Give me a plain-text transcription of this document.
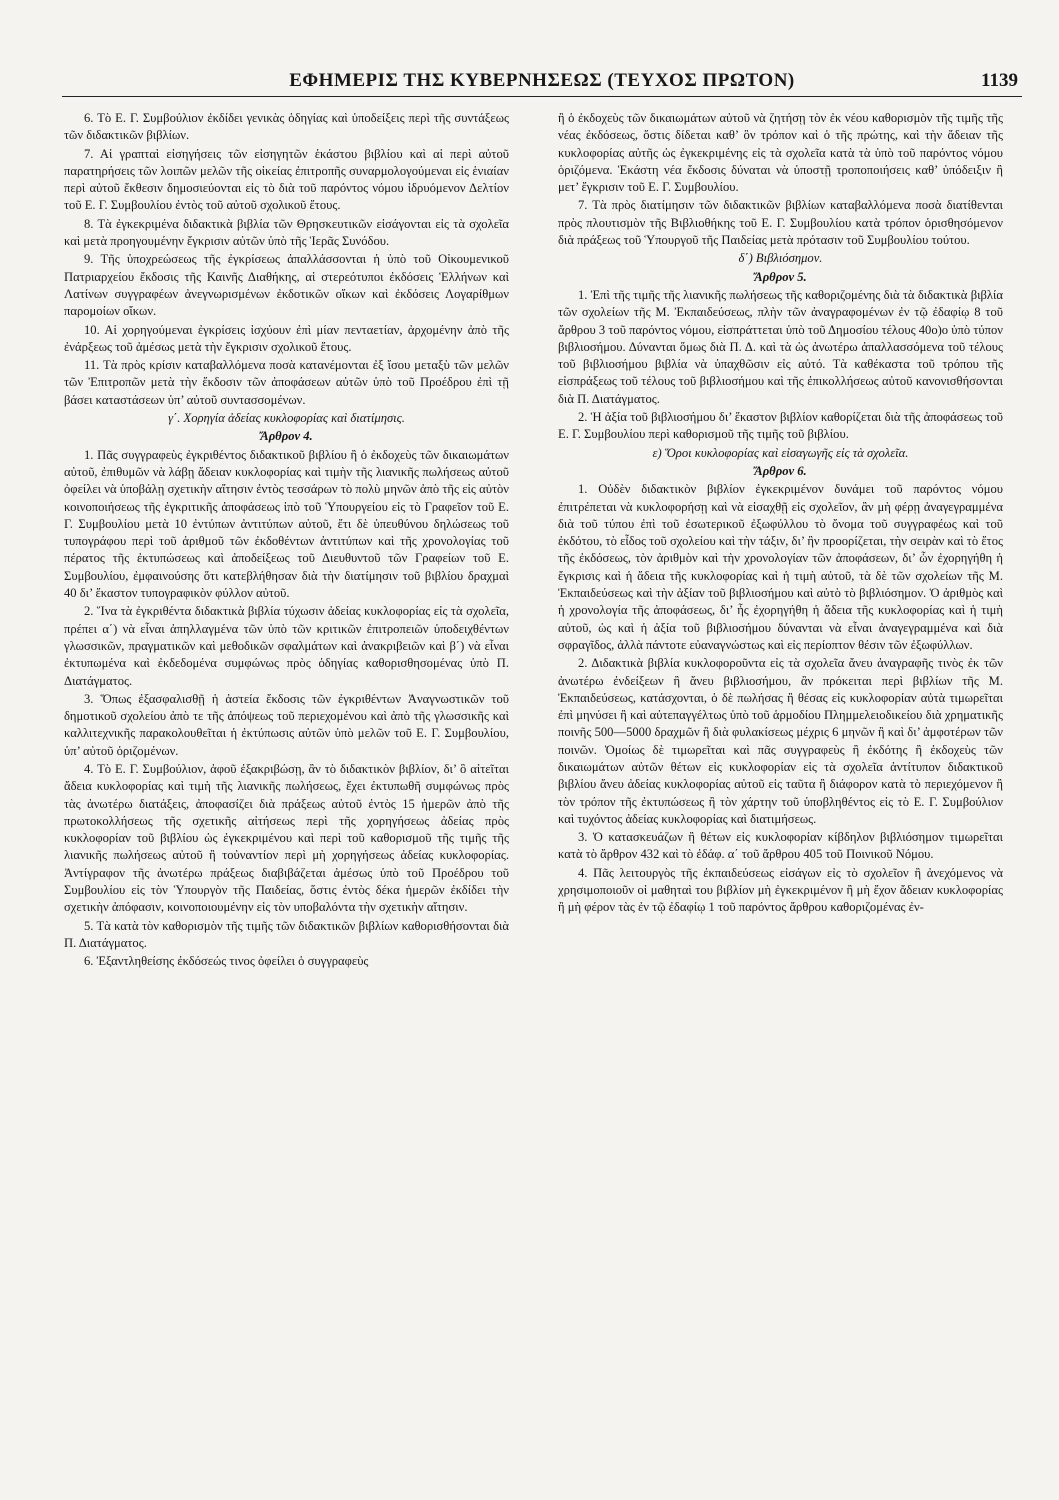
ΕΦΗΜΕΡΙΣ ΤΗΣ ΚΥΒΕΡΝΗΣΕΩΣ (ΤΕΥΧΟΣ ΠΡΩΤΟΝ)	1139

6. Τὸ Ε. Γ. Συμβούλιον ἐκδίδει γενικὰς ὁδηγίας καὶ ὑποδείξεις περὶ τῆς συντάξεως τῶν διδακτικῶν βιβλίων.

7. Αἱ γραπταὶ εἰσηγήσεις τῶν εἰσηγητῶν ἑκάστου βιβλίου καὶ αἱ περὶ αὐτοῦ παρατηρήσεις τῶν λοιπῶν μελῶν τῆς οἰκείας ἐπιτροπῆς συναρμολογούμεναι εἰς ἑνιαίαν περὶ αὐτοῦ ἔκθεσιν δημοσιεύονται εἰς τὸ διὰ τοῦ παρόντος νόμου ἱδρυόμενον Δελτίον τοῦ Ε. Γ. Συμβουλίου ἐντὸς τοῦ αὐτοῦ σχολικοῦ ἔτους.

8. Τὰ ἐγκεκριμένα διδακτικὰ βιβλία τῶν Θρησκευτικῶν εἰσάγονται εἰς τὰ σχολεῖα καὶ μετὰ προηγουμένην ἔγκρισιν αὐτῶν ὑπὸ τῆς Ἱερᾶς Συνόδου.

9. Τῆς ὑποχρεώσεως τῆς ἐγκρίσεως ἀπαλλάσσονται ἡ ὑπὸ τοῦ Οἰκουμενικοῦ Πατριαρχείου ἔκδοσις τῆς Καινῆς Διαθήκης, αἱ στερεότυποι ἐκδόσεις Ἑλλήνων καὶ Λατίνων συγγραφέων ἀνεγνωρισμένων ἐκδοτικῶν οἴκων καὶ ἐκδόσεις Λογαρίθμων παρομοίων οἴκων.

10. Αἱ χορηγούμεναι ἐγκρίσεις ἰσχύουν ἐπὶ μίαν πενταετίαν, ἀρχομένην ἀπὸ τῆς ἐνάρξεως τοῦ ἀμέσως μετὰ τὴν ἔγκρισιν σχολικοῦ ἔτους.

11. Τὰ πρὸς κρίσιν καταβαλλόμενα ποσὰ κατανέμονται ἐξ ἴσου μεταξὺ τῶν μελῶν τῶν Ἐπιτροπῶν μετὰ τὴν ἔκδοσιν τῶν ἀποφάσεων αὐτῶν ὑπὸ τοῦ Προέδρου ἐπὶ τῇ βάσει καταστάσεων ὑπ’ αὐτοῦ συντασσομένων.

γ΄. Χορηγία ἀδείας κυκλοφορίας καὶ διατίμησις.

Ἄρθρον 4.

1. Πᾶς συγγραφεὺς ἐγκριθέντος διδακτικοῦ βιβλίου ἢ ὁ ἐκδοχεὺς τῶν δικαιωμάτων αὐτοῦ, ἐπιθυμῶν νὰ λάβῃ ἄδειαν κυκλοφορίας καὶ τιμὴν τῆς λιανικῆς πωλήσεως αὐτοῦ ὀφείλει νὰ ὑποβάλῃ σχετικὴν αἴτησιν ἐντὸς τεσσάρων τὸ πολὺ μηνῶν ἀπὸ τῆς εἰς αὐτὸν κοινοποιήσεως τῆς ἐγκριτικῆς ἀποφάσεως ἰπὸ τοῦ Ὑπουργείου εἰς τὸ Γραφεῖον τοῦ Ε. Γ. Συμβουλίου μετὰ 10 ἐντύπων ἀντιτύπων αὐτοῦ, ἔτι δὲ ὑπευθύνου δηλώσεως τοῦ τυπογράφου περὶ τοῦ ἀριθμοῦ τῶν ἐκδοθέντων ἀντιτύπων καὶ τῆς χρονολογίας τοῦ πέρατος τῆς ἐκτυπώσεως καὶ ἀποδείξεως τοῦ Διευθυντοῦ τῶν Γραφείων τοῦ Ε. Συμβουλίου, ἐμφαινούσης ὅτι κατεβλήθησαν διὰ τὴν διατίμησιν τοῦ βιβλίου δραχμαὶ 40 δι’ ἕκαστον τυπογραφικὸν φύλλον αὐτοῦ.

2. Ἵνα τὰ ἐγκριθέντα διδακτικὰ βιβλία τύχωσιν ἀδείας κυκλοφορίας εἰς τὰ σχολεῖα, πρέπει α΄) νὰ εἶναι ἀπηλλαγμένα τῶν ὑπὸ τῶν κριτικῶν ἐπιτροπειῶν ὑποδειχθέντων γλωσσικῶν, πραγματικῶν καὶ μεθοδικῶν σφαλμάτων καὶ ἀνακριβειῶν καὶ β΄) νὰ εἶναι ἐκτυπωμένα καὶ ἐκδεδομένα συμφώνως πρὸς ὁδηγίας καθορισθησομένας ὑπὸ Π. Διατάγματος.

3. Ὅπως ἐξασφαλισθῇ ἡ ἀστεία ἔκδοσις τῶν ἐγκριθέντων Ἀναγνωστικῶν τοῦ δημοτικοῦ σχολείου ἀπὸ τε τῆς ἀπόψεως τοῦ περιεχομένου καὶ ἀπὸ τῆς γλωσσικῆς καὶ καλλιτεχνικῆς παρακολουθεῖται ἡ ἐκτύπωσις αὐτῶν ὑπὸ μελῶν τοῦ Ε. Γ. Συμβουλίου, ὑπ’ αὐτοῦ ὁριζομένων.

4. Τὸ Ε. Γ. Συμβούλιον, ἀφοῦ ἐξακριβώσῃ, ἂν τὸ διδακτικὸν βιβλίον, δι’ ὃ αἰτεῖται ἄδεια κυκλοφορίας καὶ τιμὴ τῆς λιανικῆς πωλήσεως, ἔχει ἐκτυπωθῆ συμφώνως πρὸς τὰς ἀνωτέρω διατάξεις, ἀποφασίζει διὰ πράξεως αὐτοῦ ἐντὸς 15 ἡμερῶν ἀπὸ τῆς πρωτοκολλήσεως τῆς σχετικῆς αἰτήσεως περὶ τῆς χορηγήσεως ἀδείας πρὸς κυκλοφορίαν τοῦ βιβλίου ὡς ἐγκεκριμένου καὶ περὶ τοῦ καθορισμοῦ τῆς τιμῆς τῆς λιανικῆς πωλήσεως αὐτοῦ ἢ τοὐναντίον περὶ μὴ χορηγήσεως ἀδείας κυκλοφορίας. Ἀντίγραφον τῆς ἀνωτέρω πράξεως διαβιβάζεται ἀμέσως ὑπὸ τοῦ Προέδρου τοῦ Συμβουλίου εἰς τὸν Ὑπουργὸν τῆς Παιδείας, ὅστις ἐντὸς δέκα ἡμερῶν ἐκδίδει τὴν σχετικὴν ἀπόφασιν, κοινοποιουμένην εἰς τὸν υποβαλόντα τὴν σχετικὴν αἴτησιν.

5. Τὰ κατὰ τὸν καθορισμὸν τῆς τιμῆς τῶν διδακτικῶν βιβλίων καθορισθήσονται διὰ Π. Διατάγματος.

6. Ἐξαντληθείσης ἐκδόσεώς τινος ὀφείλει ὁ συγγραφεὺς

ἢ ὁ ἐκδοχεὺς τῶν δικαιωμάτων αὐτοῦ νὰ ζητήσῃ τὸν ἐκ νέου καθορισμὸν τῆς τιμῆς τῆς νέας ἐκδόσεως, ὅστις δίδεται καθ’ ὃν τρόπον καὶ ὁ τῆς πρώτης, καὶ τὴν ἄδειαν τῆς κυκλοφορίας αὐτῆς ὡς ἐγκεκριμένης εἰς τὰ σχολεῖα κατὰ τὰ ὑπὸ τοῦ παρόντος νόμου ὁριζόμενα. Ἑκάστη νέα ἔκδοσις δύναται νὰ ὑποστῇ τροποποιήσεις καθ’ ὑπόδειξιν ἢ μετ’ ἔγκρισιν τοῦ Ε. Γ. Συμβουλίου.

7. Τὰ πρὸς διατίμησιν τῶν διδακτικῶν βιβλίων καταβαλλόμενα ποσὰ διατίθενται πρὸς πλουτισμὸν τῆς Βιβλιοθήκης τοῦ Ε. Γ. Συμβουλίου κατὰ τρόπον ὁρισθησόμενον διὰ πράξεως τοῦ Ὑπουργοῦ τῆς Παιδείας μετὰ πρότασιν τοῦ Συμβουλίου τούτου.

δ΄) Βιβλιόσημον.

Ἄρθρον 5.

1. Ἐπὶ τῆς τιμῆς τῆς λιανικῆς πωλήσεως τῆς καθοριζομένης διὰ τὰ διδακτικὰ βιβλία τῶν σχολείων τῆς Μ. Ἐκπαιδεύσεως, πλὴν τῶν ἀναγραφομένων ἐν τῷ ἐδαφίῳ 8 τοῦ ἄρθρου 3 τοῦ παρόντος νόμου, εἰσπράττεται ὑπὸ τοῦ Δημοσίου τέλους 40ο)ο ὑπὸ τύπον βιβλιοσήμου. Δύνανται ὅμως διὰ Π. Δ. καὶ τὰ ὡς ἀνωτέρω ἀπαλλασσόμενα τοῦ τέλους τοῦ βιβλιοσήμου βιβλία νὰ ὑπαχθῶσιν εἰς αὐτό. Τὰ καθέκαστα τοῦ τρόπου τῆς εἰσπράξεως τοῦ τέλους τοῦ βιβλιοσήμου καὶ τῆς ἐπικολλήσεως αὐτοῦ κανονισθήσονται διὰ Π. Διατάγματος.

2. Ἡ ἀξία τοῦ βιβλιοσήμου δι’ ἕκαστον βιβλίον καθορίζεται διὰ τῆς ἀποφάσεως τοῦ Ε. Γ. Συμβουλίου περὶ καθορισμοῦ τῆς τιμῆς τοῦ βιβλίου.

ε) Ὅροι κυκλοφορίας καὶ εἰσαγωγῆς εἰς τὰ σχολεῖα.

Ἄρθρον 6.

1. Οὐδὲν διδακτικὸν βιβλίον ἐγκεκριμένον δυνάμει τοῦ παρόντος νόμου ἐπιτρέπεται νὰ κυκλοφορήσῃ καὶ νὰ εἰσαχθῇ εἰς σχολεῖον, ἂν μὴ φέρῃ ἀναγεγραμμένα διὰ τοῦ τύπου ἐπὶ τοῦ ἐσωτερικοῦ ἐξωφύλλου τὸ ὄνομα τοῦ συγγραφέως καὶ τοῦ ἐκδότου, τὸ εἶδος τοῦ σχολείου καὶ τὴν τάξιν, δι’ ἣν προορίζεται, τὴν σειρὰν καὶ τὸ ἔτος τῆς ἐκδόσεως, τὸν ἀριθμὸν καὶ τὴν χρονολογίαν τῶν ἀποφάσεων, δι’ ὧν ἐχορηγήθη ἡ ἔγκρισις καὶ ἡ ἄδεια τῆς κυκλοφορίας καὶ ἡ τιμὴ αὐτοῦ, τὰ δὲ τῶν σχολείων τῆς Μ. Ἐκπαιδεύσεως καὶ τὴν ἀξίαν τοῦ βιβλιοσήμου καὶ αὐτὸ τὸ βιβλιόσημον. Ὁ ἀριθμὸς καὶ ἡ χρονολογία τῆς ἀποφάσεως, δι’ ἧς ἐχορηγήθη ἡ ἄδεια τῆς κυκλοφορίας καὶ ἡ τιμὴ αὐτοῦ, ὡς καὶ ἡ ἀξία τοῦ βιβλιοσήμου δύνανται νὰ εἶναι ἀναγεγραμμένα καὶ διὰ σφραγῖδος, ἀλλὰ πάντοτε εὐαναγνώστως καὶ εἰς περίοπτον θέσιν τῶν ἐξωφύλλων.

2. Διδακτικὰ βιβλία κυκλοφοροῦντα εἰς τὰ σχολεῖα ἄνευ ἀναγραφῆς τινὸς ἐκ τῶν ἀνωτέρω ἐνδείξεων ἢ ἄνευ βιβλιοσήμου, ἂν πρόκειται περὶ βιβλίων τῆς Μ. Ἐκπαιδεύσεως, κατάσχονται, ὁ δὲ πωλήσας ἢ θέσας εἰς κυκλοφορίαν αὐτὰ τιμωρεῖται ἐπὶ μηνύσει ἢ καὶ αὐτεπαγγέλτως ὑπὸ τοῦ ἁρμοδίου Πλημμελειοδικείου διὰ χρηματικῆς ποινῆς 500—5000 δραχμῶν ἢ διὰ φυλακίσεως μέχρις 6 μηνῶν ἢ καὶ δι’ ἀμφοτέρων τῶν ποινῶν. Ὁμοίως δὲ τιμωρεῖται καὶ πᾶς συγγραφεὺς ἢ ἐκδότης ἢ ἐκδοχεὺς τῶν δικαιωμάτων αὐτῶν θέτων εἰς κυκλοφορίαν εἰς τὰ σχολεῖα ἀντίτυπον διδακτικοῦ βιβλίου ἄνευ ἀδείας κυκλοφορίας αὐτοῦ εἰς ταῦτα ἢ διάφορον κατὰ τὸ περιεχόμενον ἢ τὸν τρόπον τῆς ἐκτυπώσεως ἢ τὸν χάρτην τοῦ ὑποβληθέντος εἰς τὸ Ε. Γ. Συμβούλιον καὶ τυχόντος ἀδείας κυκλοφορίας καὶ διατιμήσεως.

3. Ὁ κατασκευάζων ἢ θέτων εἰς κυκλοφορίαν κίβδηλον βιβλιόσημον τιμωρεῖται κατὰ τὸ ἄρθρον 432 καὶ τὸ ἐδάφ. α΄ τοῦ ἄρθρου 405 τοῦ Ποινικοῦ Νόμου.

4. Πᾶς λειτουργὸς τῆς ἐκπαιδεύσεως εἰσάγων εἰς τὸ σχολεῖον ἢ ἀνεχόμενος νὰ χρησιμοποιοῦν οἱ μαθηταὶ του βιβλίον μὴ ἐγκεκριμένον ἢ μὴ ἔχον ἄδειαν κυκλοφορίας ἢ μὴ φέρον τὰς ἐν τῷ ἐδαφίῳ 1 τοῦ παρόντος ἄρθρου καθοριζομένας ἐν-
